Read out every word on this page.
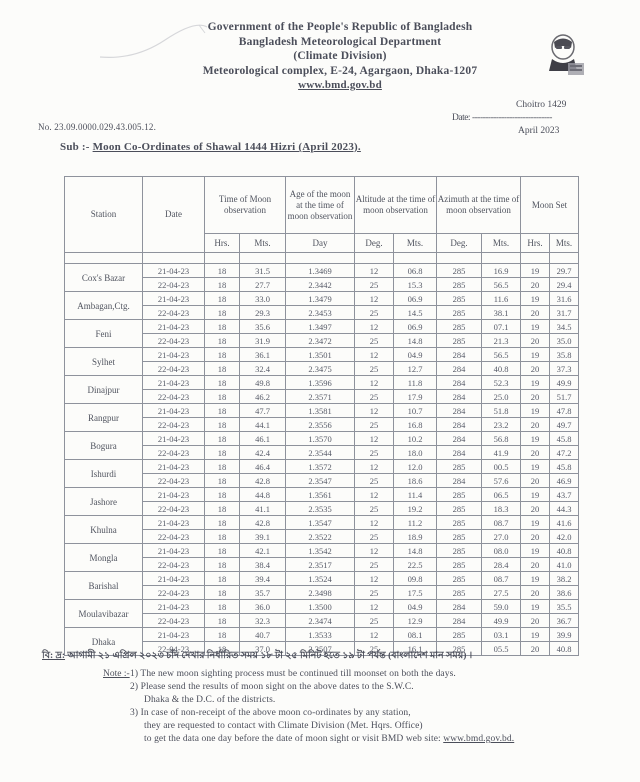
Government of the People's Republic of Bangladesh
Bangladesh Meteorological Department
(Climate Division)
Meteorological complex, E-24, Agargaon, Dhaka-1207
www.bmd.gov.bd
No. 23.09.0000.029.43.005.12.
Choitro 1429
Date: ------------------------------
April 2023
Sub :- Moon Co-Ordinates of Shawal 1444 Hizri (April 2023).
Station	Date	Time of Moon observation		Age of the moon at the time of moon observation	Altitude at the time of moon observation		Azimuth at the time of moon observation		Moon Set	
		Hrs.	Mts.	Day	Deg.	Mts.	Deg.	Mts.	Hrs.	Mts.

Cox's Bazar	21-04-23	18	31.5	1.3469	12	06.8	285	16.9	19	29.7
	22-04-23	18	27.7	2.3442	25	15.3	285	56.5	20	29.4
Ambagan,Ctg.	21-04-23	18	33.0	1.3479	12	06.9	285	11.6	19	31.6
	22-04-23	18	29.3	2.3453	25	14.5	285	38.1	20	31.7
Feni	21-04-23	18	35.6	1.3497	12	06.9	285	07.1	19	34.5
	22-04-23	18	31.9	2.3472	25	14.8	285	21.3	20	35.0
Sylhet	21-04-23	18	36.1	1.3501	12	04.9	284	56.5	19	35.8
	22-04-23	18	32.4	2.3475	25	12.7	284	40.8	20	37.3
Dinajpur	21-04-23	18	49.8	1.3596	12	11.8	284	52.3	19	49.9
	22-04-23	18	46.2	2.3571	25	17.9	284	25.0	20	51.7
Rangpur	21-04-23	18	47.7	1.3581	12	10.7	284	51.8	19	47.8
	22-04-23	18	44.1	2.3556	25	16.8	284	23.2	20	49.7
Bogura	21-04-23	18	46.1	1.3570	12	10.2	284	56.8	19	45.8
	22-04-23	18	42.4	2.3544	25	18.0	284	41.9	20	47.2
Ishurdi	21-04-23	18	46.4	1.3572	12	12.0	285	00.5	19	45.8
	22-04-23	18	42.8	2.3547	25	18.6	284	57.6	20	46.9
Jashore	21-04-23	18	44.8	1.3561	12	11.4	285	06.5	19	43.7
	22-04-23	18	41.1	2.3535	25	19.2	285	18.3	20	44.3
Khulna	21-04-23	18	42.8	1.3547	12	11.2	285	08.7	19	41.6
	22-04-23	18	39.1	2.3522	25	18.9	285	27.0	20	42.0
Mongla	21-04-23	18	42.1	1.3542	12	14.8	285	08.0	19	40.8
	22-04-23	18	38.4	2.3517	25	22.5	285	28.4	20	41.0
Barishal	21-04-23	18	39.4	1.3524	12	09.8	285	08.7	19	38.2
	22-04-23	18	35.7	2.3498	25	17.5	285	27.5	20	38.6
Moulavibazar	21-04-23	18	36.0	1.3500	12	04.9	284	59.0	19	35.5
	22-04-23	18	32.3	2.3474	25	12.9	284	49.9	20	36.7
Dhaka	21-04-23	18	40.7	1.3533	12	08.1	285	03.1	19	39.9
	22-04-23	18	37.0	2.3507	25	16.1	285	05.5	20	40.8
বি: দ্র: আগামী ২১ এপ্রিল ২০২৩ চাঁদ দেখার নির্ধারিত সময় ১৮ টা ২৫ মিনিট হতে ১৯ টা পর্যন্ত (বাংলাদেশ মান সময়) ।
Note :- 1) The new moon sighting process must be continued till moonset on both the days.
2) Please send the results of moon sight on the above dates to the S.W.C.
Dhaka & the D.C. of the districts.
3) In case of non-receipt of the above moon co-ordinates by any station,
they are requested to contact with Climate Division (Met. Hqrs. Office)
to get the data one day before the date of moon sight or visit BMD web site: www.bmd.gov.bd.
